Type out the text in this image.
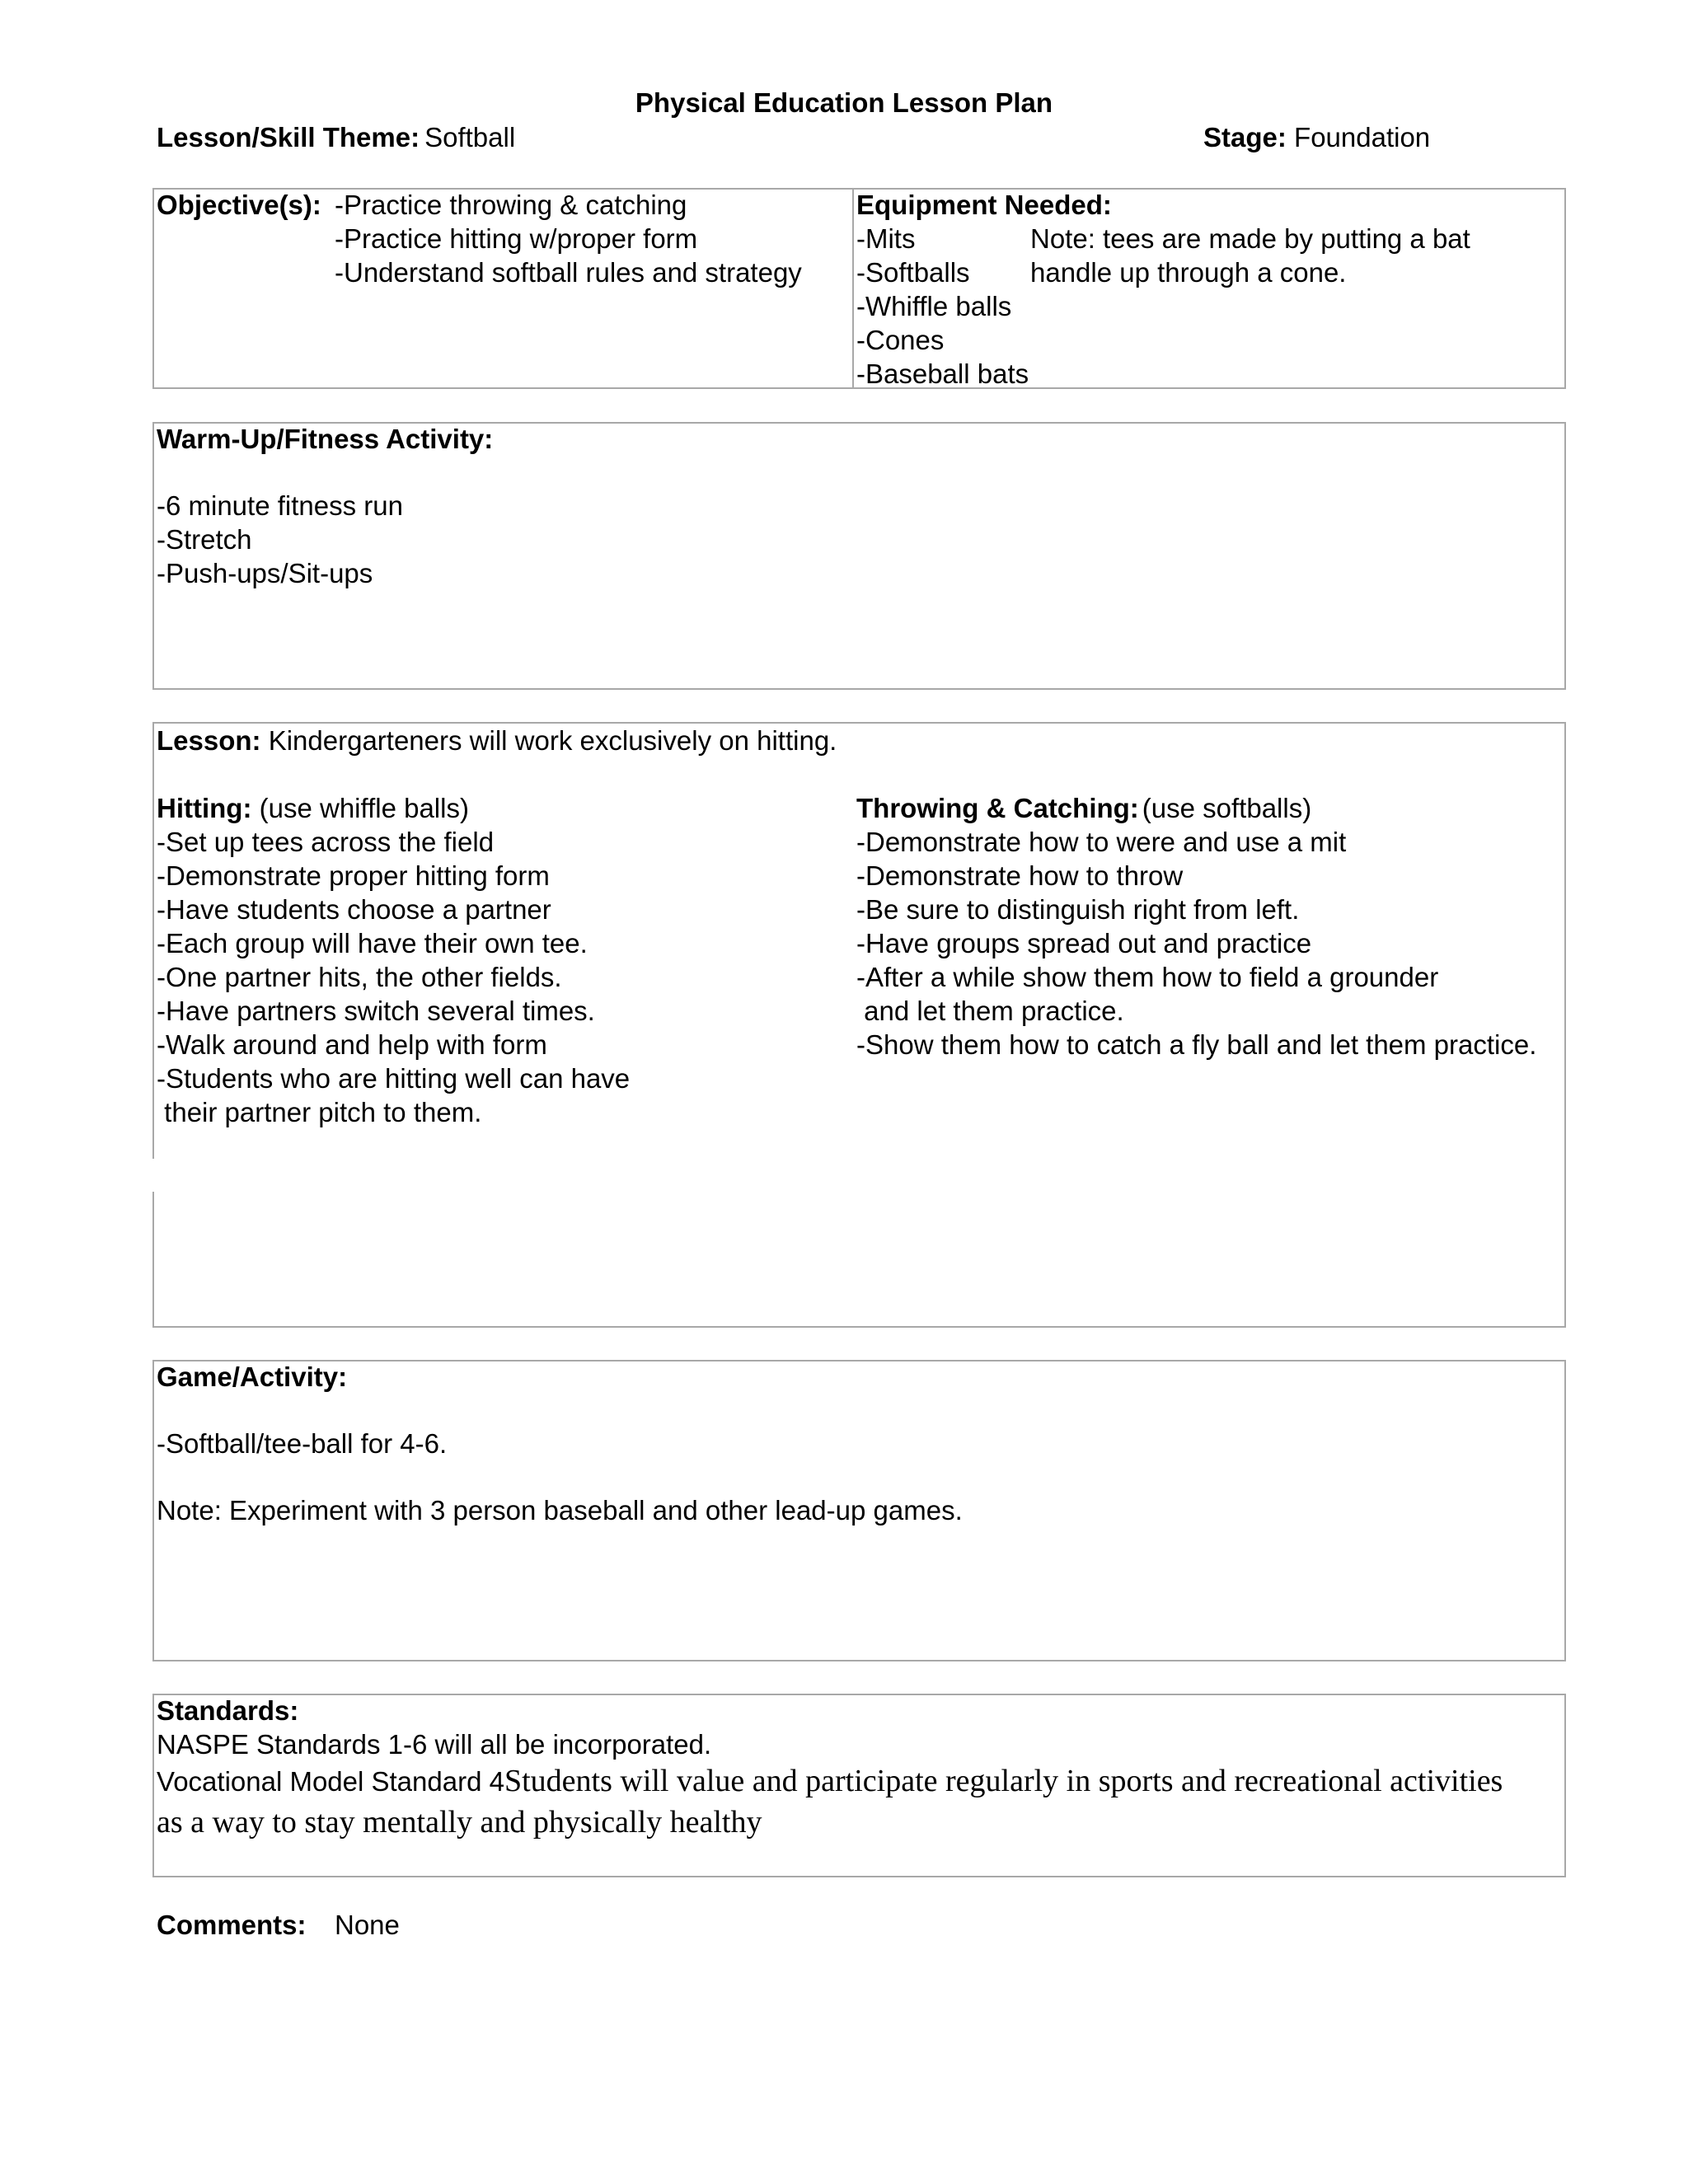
Physical Education Lesson Plan
Lesson/Skill Theme: Softball	Stage: Foundation
Objective(s): -Practice throwing & catching
-Practice hitting w/proper form
-Understand softball rules and strategy
Equipment Needed:
-Mits
-Softballs
-Whiffle balls
-Cones
-Baseball bats
Note: tees are made by putting a bat
handle up through a cone.
Warm-Up/Fitness Activity:
-6 minute fitness run
-Stretch
-Push-ups/Sit-ups
Lesson: Kindergarteners will work exclusively on hitting.
Hitting: (use whiffle balls)
-Set up tees across the field
-Demonstrate proper hitting form
-Have students choose a partner
-Each group will have their own tee.
-One partner hits, the other fields.
-Have partners switch several times.
-Walk around and help with form
-Students who are hitting well can have
their partner pitch to them.
Throwing & Catching: (use softballs)
-Demonstrate how to were and use a mit
-Demonstrate how to throw
-Be sure to distinguish right from left.
-Have groups spread out and practice
-After a while show them how to field a grounder
and let them practice.
-Show them how to catch a fly ball and let them practice.
Game/Activity:
-Softball/tee-ball for 4-6.
Note: Experiment with 3 person baseball and other lead-up games.
Standards:
NASPE Standards 1-6 will all be incorporated.
Vocational Model Standard 4Students will value and participate regularly in sports and recreational activities
as a way to stay mentally and physically healthy
Comments: None
